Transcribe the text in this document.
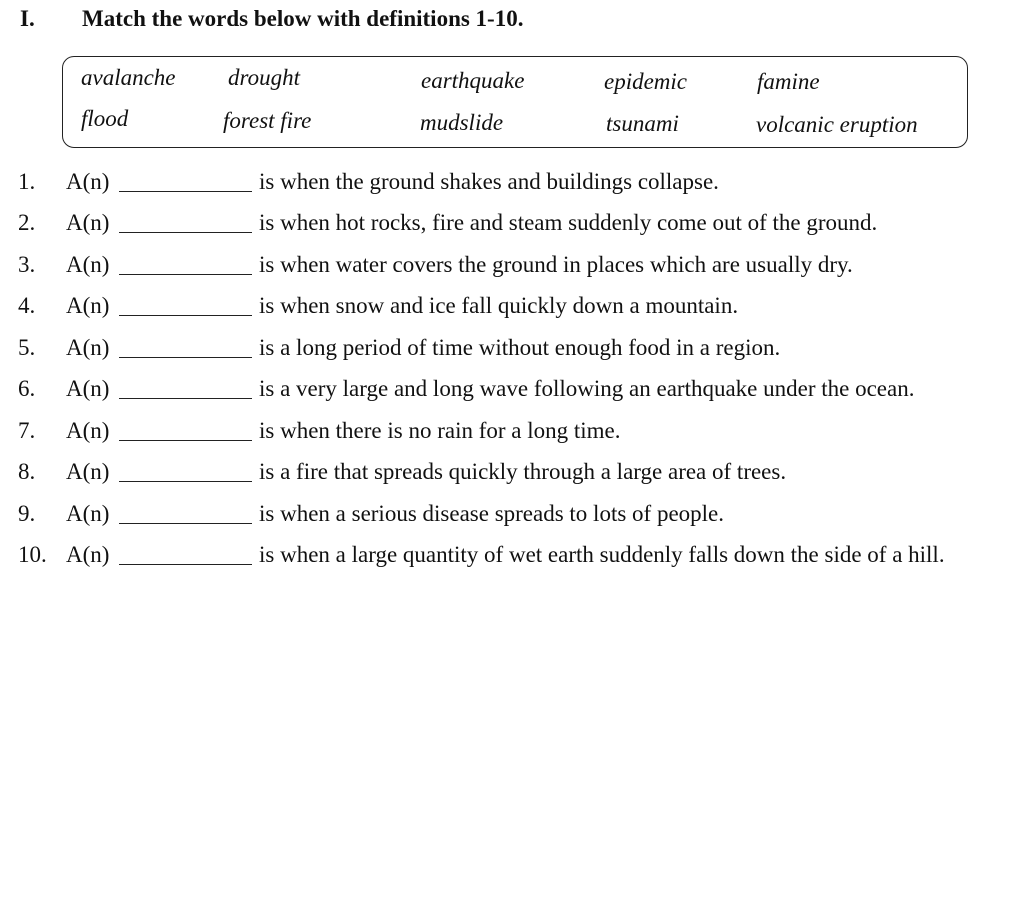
I. Match the words below with definitions 1-10.
avalanche drought	earthquake	epidemic	famine
flood	forest fire	mudslide	tsunami	volcanic eruption
1. A(n)	is when the ground shakes and buildings collapse.
2. A(n)	is when hot rocks, fire and steam suddenly come out of the ground.
3. A(n)	is when water covers the ground in places which are usually dry.
4. A(n)	is when snow and ice fall quickly down a mountain.
5. A(n)	is a long period of time without enough food in a region.
6. A(n)	is a very large and long wave following an earthquake under the ocean.
7. A(n)	is when there is no rain for a long time.
8. A(n)	is a fire that spreads quickly through a large area of trees.
9. A(n)	is when a serious disease spreads to lots of people.
10. A(n)	is when a large quantity of wet earth suddenly falls down the side of a hill.
